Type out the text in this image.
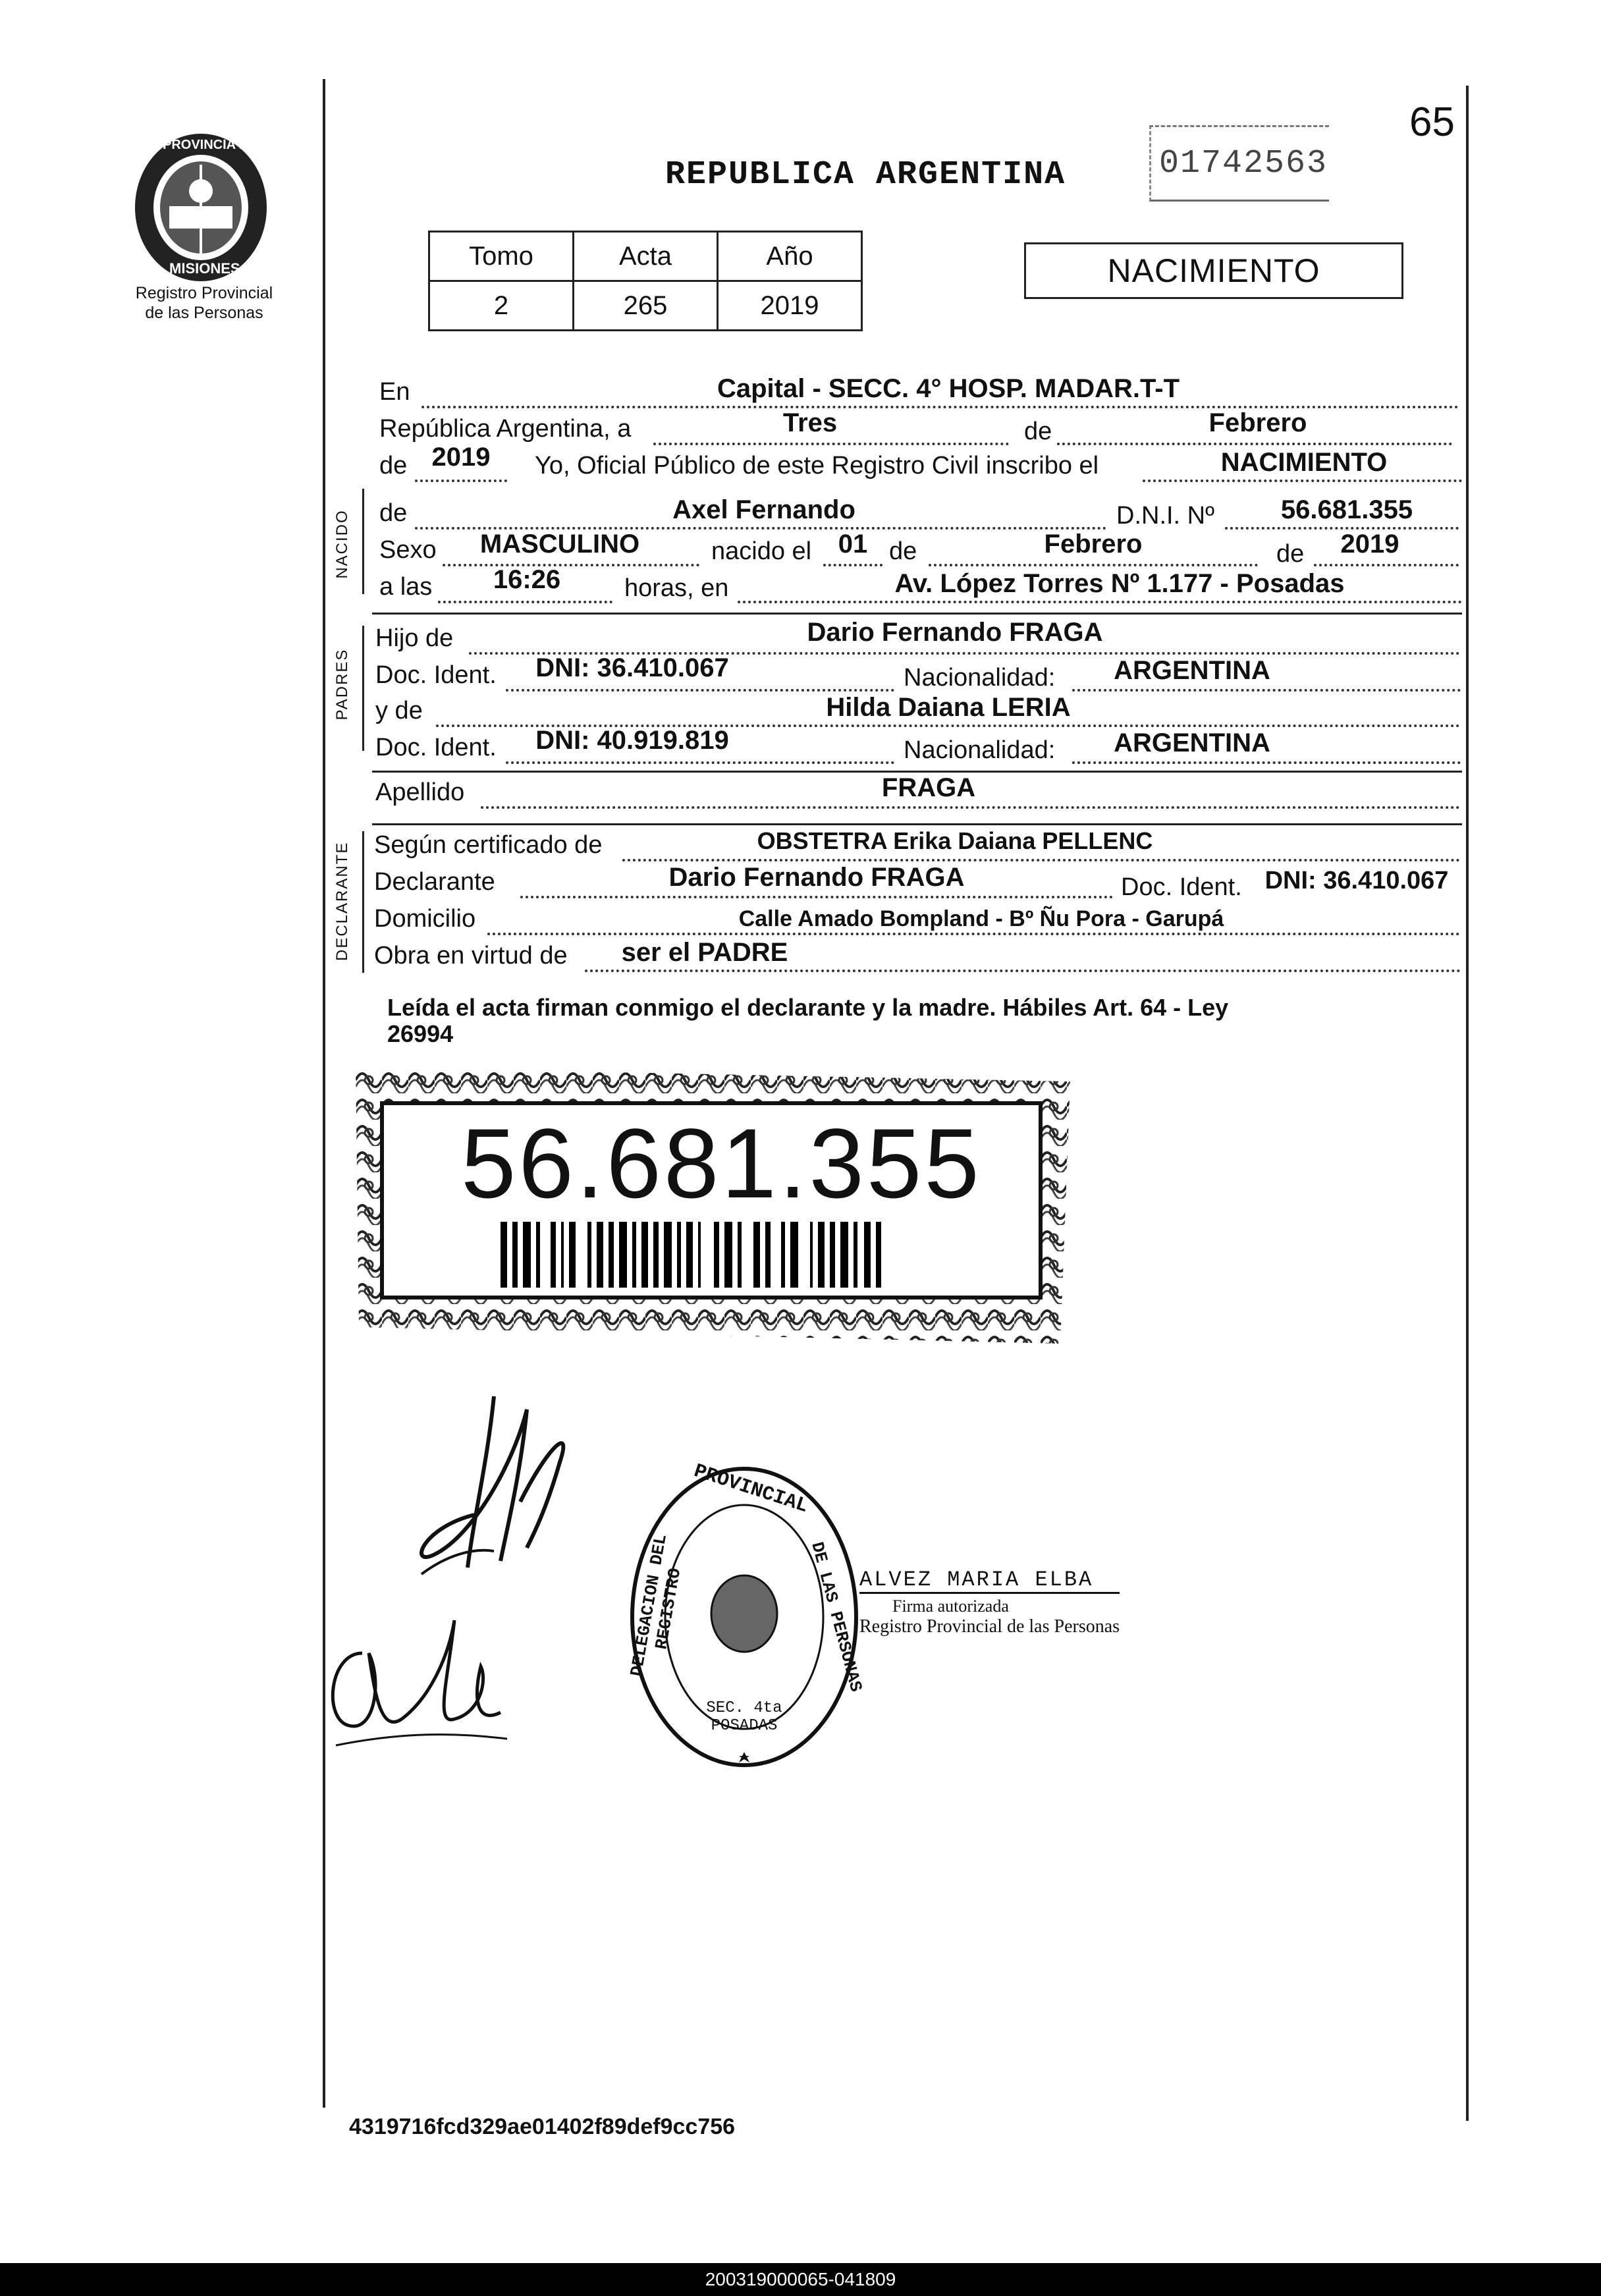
PROVINCIA DE
MISIONES
Registro Provincial
de las Personas
REPUBLICA ARGENTINA	01742563
65
Tomo	Acta	Año
2	265	2019
NACIMIENTO
En	Capital - SECC. 4° HOSP. MADAR.T-T
República Argentina, a	Tres	de	Febrero
de 2019	Yo, Oficial Público de este Registro Civil inscribo el	NACIMIENTO
NACIDO de	Axel Fernando	D.N.I. Nº	56.681.355
Sexo MASCULINO	nacido el	01 de	Febrero	de	2019
a las	16:26	horas, en	Av. López Torres Nº 1.177 - Posadas
PADRES
Hijo de	Dario Fernando FRAGA
Doc. Ident.	DNI: 36.410.067	Nacionalidad:	ARGENTINA
y de	Hilda Daiana LERIA
Doc. Ident.	DNI: 40.919.819	Nacionalidad:	ARGENTINA
Apellido	FRAGA
DECLARANTE Según certificado de	OBSTETRA Erika Daiana PELLENC
Declarante	Dario Fernando FRAGA	Doc. Ident. DNI: 36.410.067
Domicilio	Calle Amado Bompland - Bº Ñu Pora - Garupá
Obra en virtud de	ser el PADRE
Leída el acta firman conmigo el declarante y la madre. Hábiles Art. 64 - Ley
26994
56.681.355
PROVINCIAL
DELEGACION DEL REGISTRO	DE LAS PERSONAS
SEC. 4ta POSADAS
ALVEZ MARIA ELBA
Firma autorizada
Registro Provincial de las Personas
4319716fcd329ae01402f89def9cc756
200319000065-041809
